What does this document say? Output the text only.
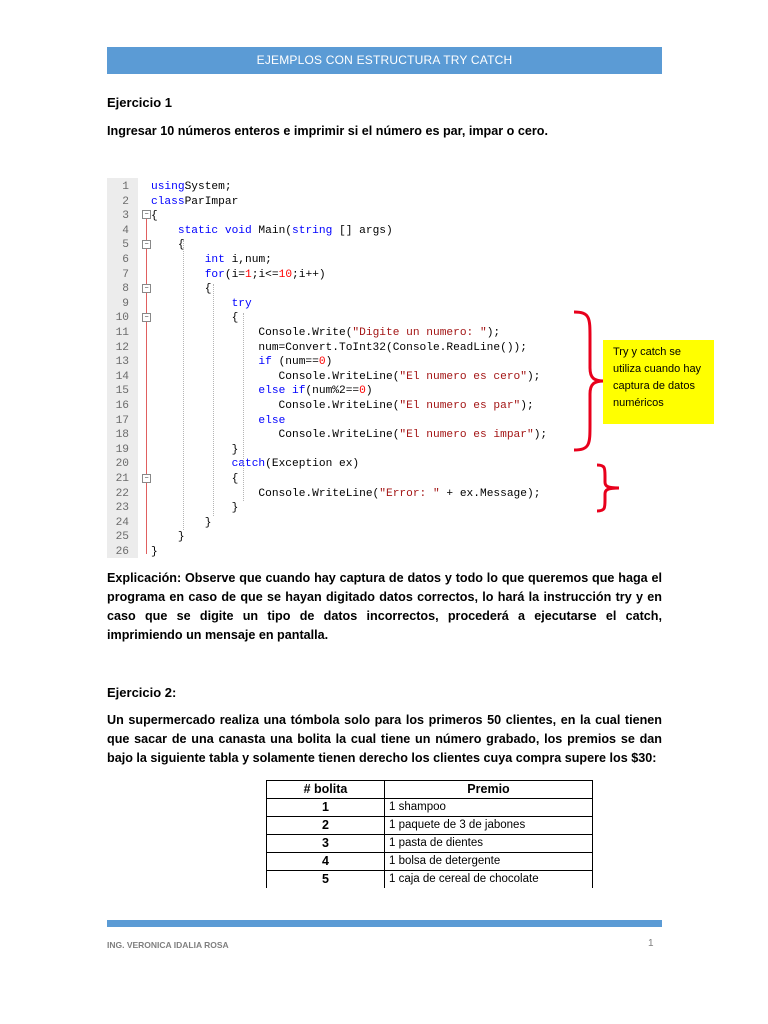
EJEMPLOS CON ESTRUCTURA TRY CATCH
Ejercicio 1
Ingresar 10 números enteros e imprimir si el número es par, impar o cero.
1 usingSystem;
2 classParImpar
3 {
4	static void Main(string [] args)
5 {
6	int i,num;
7	for(i=1;i<=10;i++)
8 {
9	try
10 {
11 Console.Write("Digite un numero: ");
12 num=Convert.ToInt32(Console.ReadLine());
13	if (num==0)
14 Console.WriteLine("El numero es cero");
15	else if(num%2==0)
16 Console.WriteLine("El numero es par");
17	else
18 Console.WriteLine("El numero es impar");
19 }
20	catch(Exception ex)
21 {
22 Console.WriteLine("Error: " + ex.Message);
23 }
24 }
25 }
26 }
−
−
−
−
−
Try y catch se utiliza cuando hay captura de datos numéricos
Explicación: Observe que cuando hay captura de datos y todo lo que queremos que haga el programa en caso de que se hayan digitado datos correctos, lo hará la instrucción try y en caso que se digite un tipo de datos incorrectos, procederá a ejecutarse el catch, imprimiendo un mensaje en pantalla.
Ejercicio 2:
Un supermercado realiza una tómbola solo para los primeros 50 clientes, en la cual tienen que sacar de una canasta una bolita la cual tiene un número grabado, los premios se dan bajo la siguiente tabla y solamente tienen derecho los clientes cuya compra supere los $30:
# bolita	Premio
1	1 shampoo
2	1 paquete de 3 de jabones
3	1 pasta de dientes
4	1 bolsa de detergente
5	1 caja de cereal de chocolate
ING. VERONICA IDALIA ROSA	1
